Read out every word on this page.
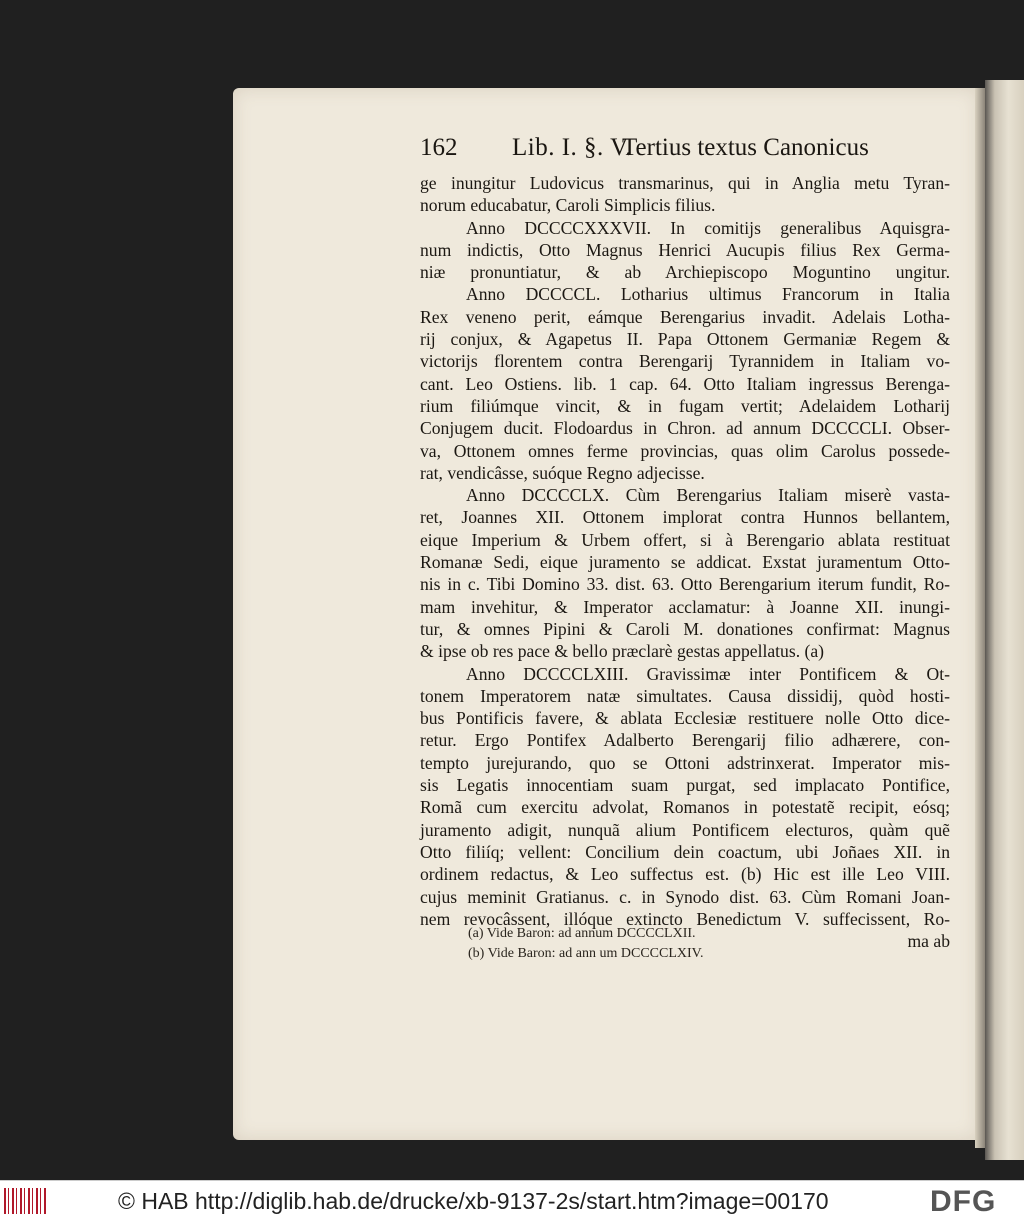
162 Lib. I. §. V.
Tertius textus Canonicus
ge inungitur Ludovicus transmarinus, qui in Anglia metu Tyran-
norum educabatur, Caroli Simplicis filius.
Anno DCCCCXXXVII. In comitijs generalibus Aquisgra-
num indictis, Otto Magnus Henrici Aucupis filius Rex Germa-
niæ pronuntiatur, & ab Archiepiscopo Moguntino ungitur.
Anno DCCCCL. Lotharius ultimus Francorum in Italia
Rex veneno perit, eámque Berengarius invadit. Adelais Lotha-
rij conjux, & Agapetus II. Papa Ottonem Germaniæ Regem &
victorijs florentem contra Berengarij Tyrannidem in Italiam vo-
cant. Leo Ostiens. lib. 1 cap. 64. Otto Italiam ingressus Berenga-
rium filiúmque vincit, & in fugam vertit; Adelaidem Lotharij
Conjugem ducit. Flodoardus in Chron. ad annum DCCCCLI. Obser-
va, Ottonem omnes ferme provincias, quas olim Carolus possede-
rat, vendicâsse, suóque Regno adjecisse.
Anno DCCCCLX. Cùm Berengarius Italiam miserè vasta-
ret, Joannes XII. Ottonem implorat contra Hunnos bellantem,
eique Imperium & Urbem offert, si à Berengario ablata restituat
Romanæ Sedi, eique juramento se addicat. Exstat juramentum Otto-
nis in c. Tibi Domino 33. dist. 63. Otto Berengarium iterum fundit, Ro-
mam invehitur, & Imperator acclamatur: à Joanne XII. inungi-
tur, & omnes Pipini & Caroli M. donationes confirmat: Magnus
& ipse ob res pace & bello præclarè gestas appellatus. (a)
Anno DCCCCLXIII. Gravissimæ inter Pontificem & Ot-
tonem Imperatorem natæ simultates. Causa dissidij, quòd hosti-
bus Pontificis favere, & ablata Ecclesiæ restituere nolle Otto dice-
retur. Ergo Pontifex Adalberto Berengarij filio adhærere, con-
tempto jurejurando, quo se Ottoni adstrinxerat. Imperator mis-
sis Legatis innocentiam suam purgat, sed implacato Pontifice,
Romã cum exercitu advolat, Romanos in potestatẽ recipit, eósq;
juramento adigit, nunquã alium Pontificem electuros, quàm quẽ
Otto filiíq; vellent: Concilium dein coactum, ubi Joñaes XII. in
ordinem redactus, & Leo suffectus est. (b) Hic est ille Leo VIII.
cujus meminit Gratianus. c. in Synodo dist. 63. Cùm Romani Joan-
nem revocâssent, illóque extincto Benedictum V. suffecissent, Ro-
ma ab
(a) Vide Baron: ad annum DCCCCLXII.
(b) Vide Baron: ad ann um DCCCCLXIV.
© HAB http://diglib.hab.de/drucke/xb-9137-2s/start.htm?image=00170	DFG
